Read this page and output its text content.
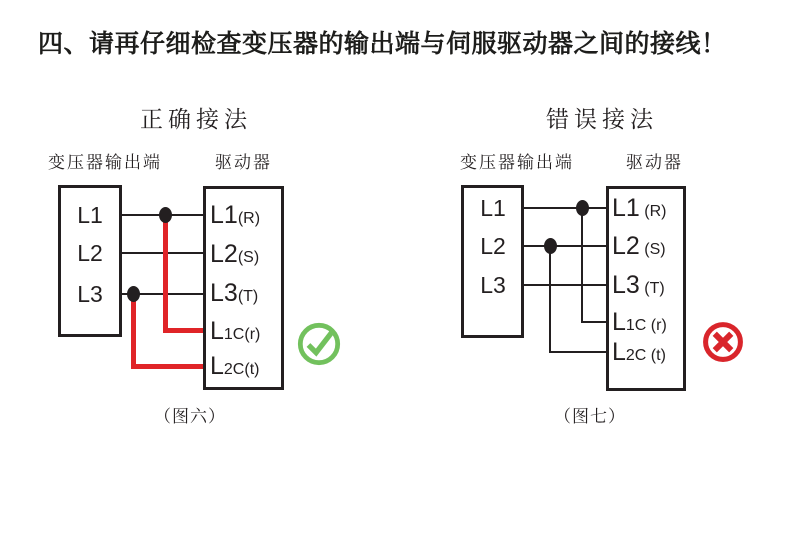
四、请再仔细检查变压器的输出端与伺服驱动器之间的接线！
正确接法
变压器输出端	驱动器
L1
L2
L3
L1(R)
L2(S)
L3(T)
L1C(r)
L2C(t)
（图六）
错误接法
变压器输出端	驱动器
L1
L2
L3
L1 (R)
L2 (S)
L3 (T)
L1C (r)
L2C (t)
（图七）
